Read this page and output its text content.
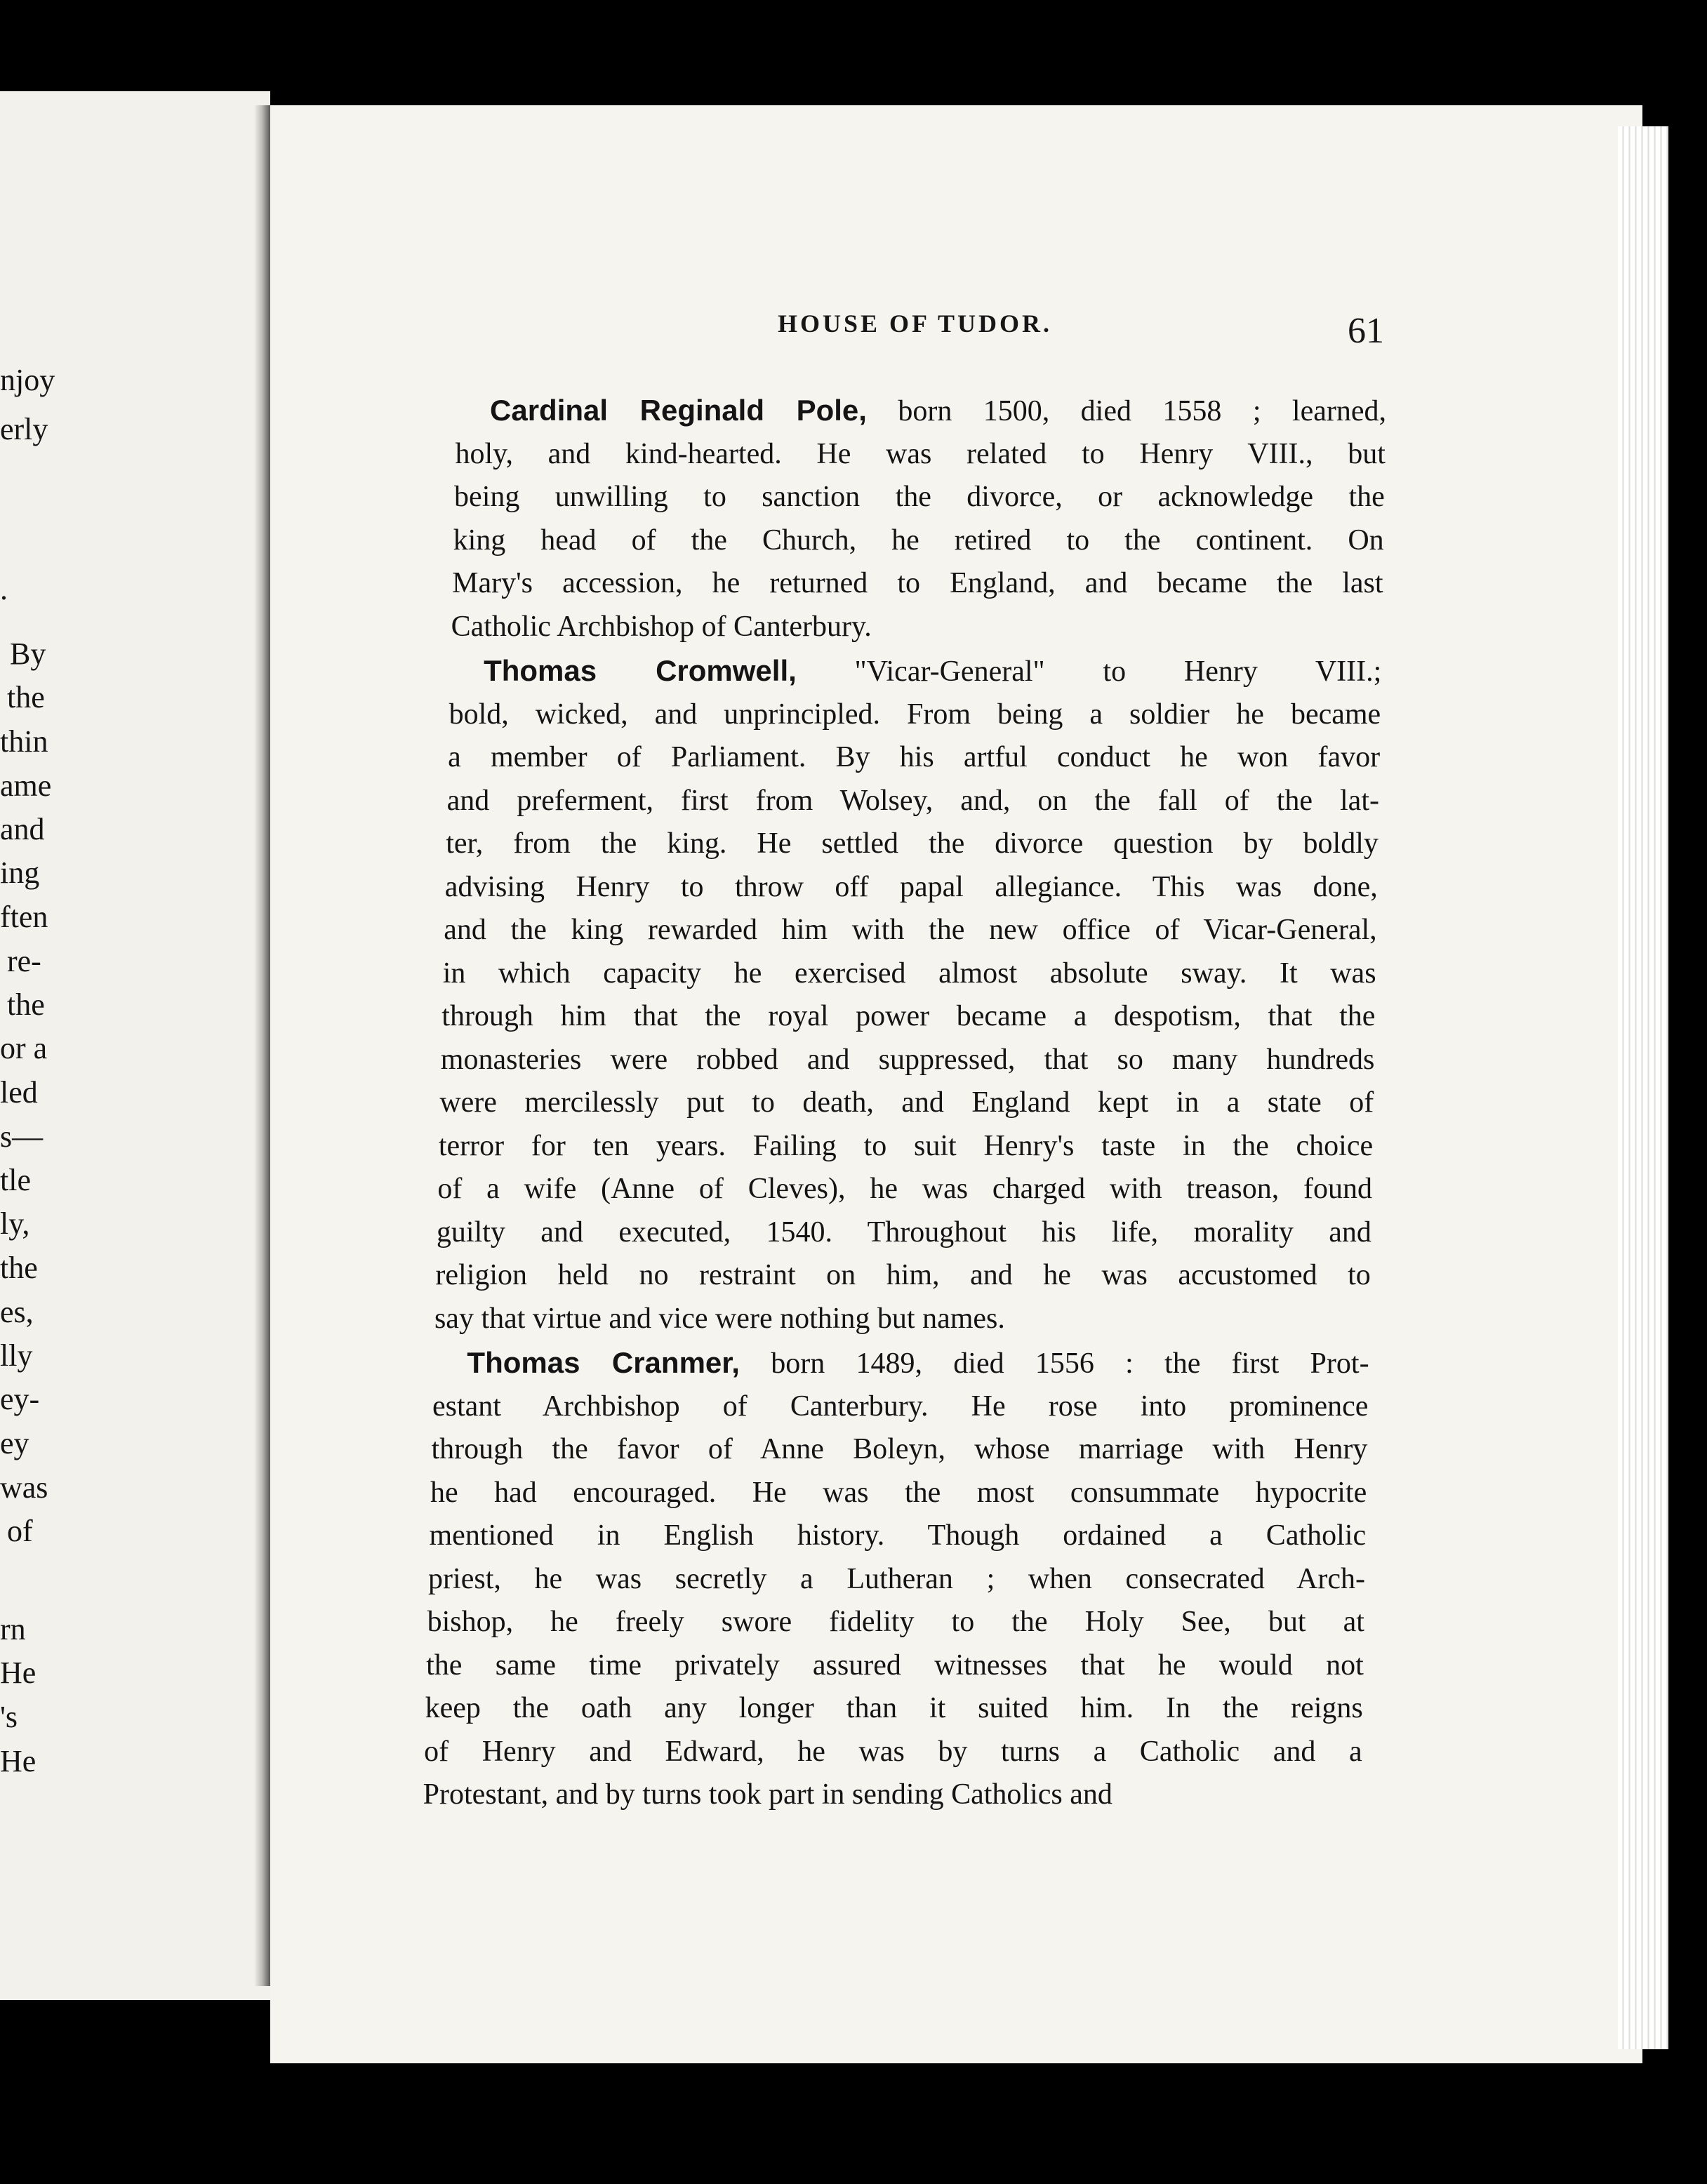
HOUSE OF TUDOR.	61
njoy
erly
.
By
the
thin
ame
and
ing
ften
re-
the
or a
led
s—
tle
ly,
the
es,
lly
ey-
ey
was
of
rn
He
's
He
Cardinal Reginald Pole, born 1500, died 1558 ; learned,
holy, and kind-hearted. He was related to Henry VIII., but
being unwilling to sanction the divorce, or acknowledge the
king head of the Church, he retired to the continent. On
Mary's accession, he returned to England, and became the last
Catholic Archbishop of Canterbury.
Thomas Cromwell, "Vicar-General" to Henry VIII.;
bold, wicked, and unprincipled. From being a soldier he became
a member of Parliament. By his artful conduct he won favor
and preferment, first from Wolsey, and, on the fall of the lat-
ter, from the king. He settled the divorce question by boldly
advising Henry to throw off papal allegiance. This was done,
and the king rewarded him with the new office of Vicar-General,
in which capacity he exercised almost absolute sway. It was
through him that the royal power became a despotism, that the
monasteries were robbed and suppressed, that so many hundreds
were mercilessly put to death, and England kept in a state of
terror for ten years. Failing to suit Henry's taste in the choice
of a wife (Anne of Cleves), he was charged with treason, found
guilty and executed, 1540. Throughout his life, morality and
religion held no restraint on him, and he was accustomed to
say that virtue and vice were nothing but names.
Thomas Cranmer, born 1489, died 1556 : the first Prot-
estant Archbishop of Canterbury. He rose into prominence
through the favor of Anne Boleyn, whose marriage with Henry
he had encouraged. He was the most consummate hypocrite
mentioned in English history. Though ordained a Catholic
priest, he was secretly a Lutheran ; when consecrated Arch-
bishop, he freely swore fidelity to the Holy See, but at
the same time privately assured witnesses that he would not
keep the oath any longer than it suited him. In the reigns
of Henry and Edward, he was by turns a Catholic and a
Protestant, and by turns took part in sending Catholics and
